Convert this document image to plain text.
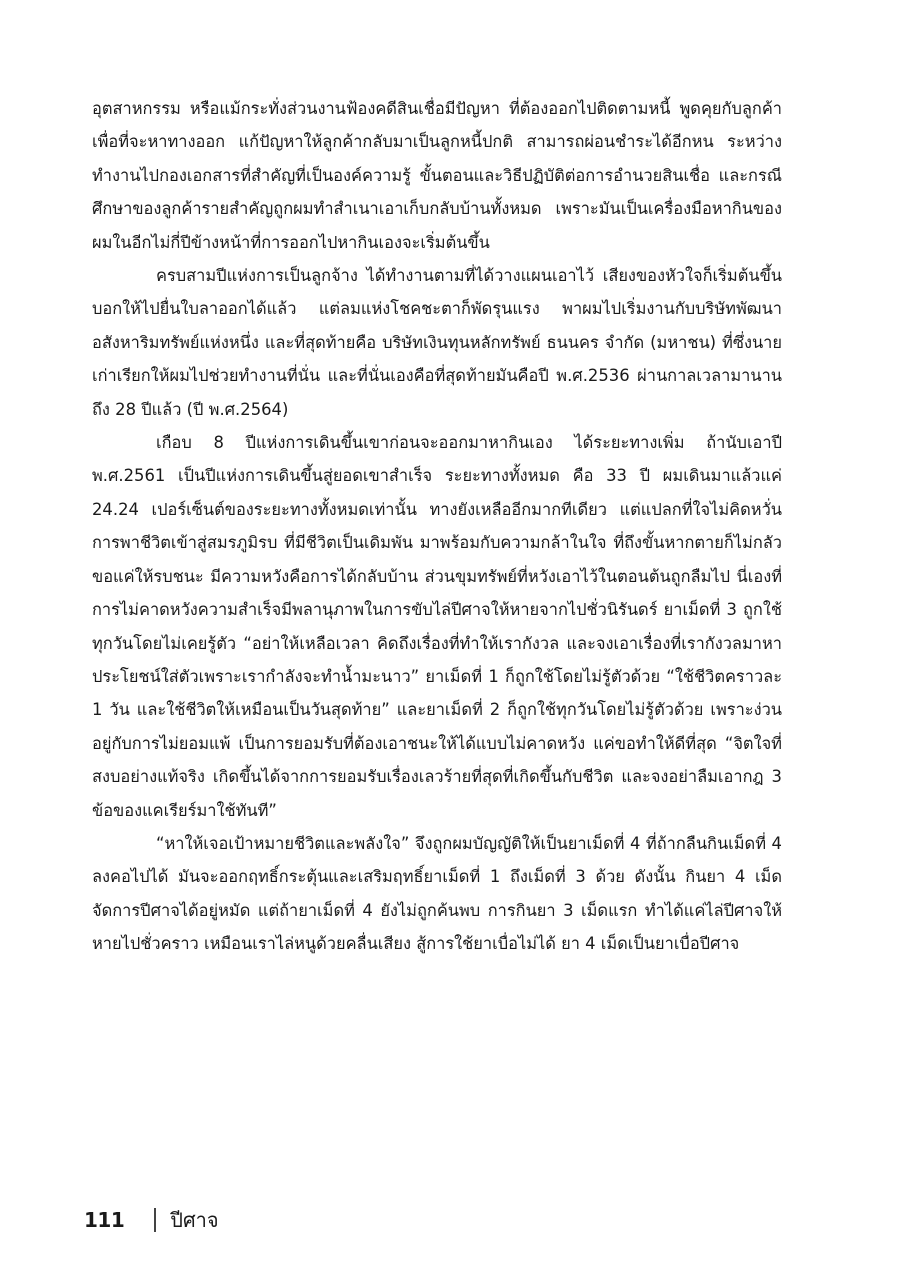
อุตสาหกรรม หรือแม้กระทั่งส่วนงานฟ้องคดีสินเชื่อมีปัญหา ที่ต้องออกไปติดตามหนี้ พูดคุยกับลูกค้าเพื่อที่จะหาทางออก แก้ปัญหาให้ลูกค้ากลับมาเป็นลูกหนี้ปกติ สามารถผ่อนชำระได้อีกหน ระหว่างทำงานไปกองเอกสารที่สำคัญที่เป็นองค์ความรู้ ขั้นตอนและวิธีปฏิบัติต่อการอำนวยสินเชื่อ และกรณีศึกษาของลูกค้ารายสำคัญถูกผมทำสำเนาเอาเก็บกลับบ้านทั้งหมด เพราะมันเป็นเครื่องมือหากินของผมในอีกไม่กี่ปีข้างหน้าที่การออกไปหากินเองจะเริ่มต้นขึ้น

ครบสามปีแห่งการเป็นลูกจ้าง ได้ทำงานตามที่ได้วางแผนเอาไว้ เสียงของหัวใจก็เริ่มต้นขึ้น บอกให้ไปยื่นใบลาออกได้แล้ว แต่ลมแห่งโชคชะตาก็พัดรุนแรง พาผมไปเริ่มงานกับบริษัทพัฒนาอสังหาริมทรัพย์แห่งหนึ่ง และที่สุดท้ายคือ บริษัทเงินทุนหลักทรัพย์ ธนนคร จำกัด (มหาชน) ที่ซึ่งนายเก่าเรียกให้ผมไปช่วยทำงานที่นั่น และที่นั่นเองคือที่สุดท้ายมันคือปี พ.ศ.2536 ผ่านกาลเวลามานานถึง 28 ปีแล้ว (ปี พ.ศ.2564)

เกือบ 8 ปีแห่งการเดินขึ้นเขาก่อนจะออกมาหากินเอง ได้ระยะทางเพิ่ม ถ้านับเอาปี พ.ศ.2561 เป็นปีแห่งการเดินขึ้นสู่ยอดเขาสำเร็จ ระยะทางทั้งหมด คือ 33 ปี ผมเดินมาแล้วแค่ 24.24 เปอร์เซ็นต์ของระยะทางทั้งหมดเท่านั้น ทางยังเหลืออีกมากทีเดียว แต่แปลกที่ใจไม่คิดหวั่นการพาชีวิตเข้าสู่สมรภูมิรบ ที่มีชีวิตเป็นเดิมพัน มาพร้อมกับความกล้าในใจ ที่ถึงขั้นหากตายก็ไม่กลัว ขอแค่ให้รบชนะ มีความหวังคือการได้กลับบ้าน ส่วนขุมทรัพย์ที่หวังเอาไว้ในตอนต้นถูกลืมไป นี่เองที่การไม่คาดหวังความสำเร็จมีพลานุภาพในการขับไล่ปีศาจให้หายจากไปชั่วนิรันดร์ ยาเม็ดที่ 3 ถูกใช้ทุกวันโดยไม่เคยรู้ตัว “อย่าให้เหลือเวลา คิดถึงเรื่องที่ทำให้เรากังวล และจงเอาเรื่องที่เรากังวลมาหาประโยชน์ใส่ตัวเพราะเรากำลังจะทำน้ำมะนาว” ยาเม็ดที่ 1 ก็ถูกใช้โดยไม่รู้ตัวด้วย “ใช้ชีวิตคราวละ 1 วัน และใช้ชีวิตให้เหมือนเป็นวันสุดท้าย” และยาเม็ดที่ 2 ก็ถูกใช้ทุกวันโดยไม่รู้ตัวด้วย เพราะง่วนอยู่กับการไม่ยอมแพ้ เป็นการยอมรับที่ต้องเอาชนะให้ได้แบบไม่คาดหวัง แค่ขอทำให้ดีที่สุด “จิตใจที่สงบอย่างแท้จริง เกิดขึ้นได้จากการยอมรับเรื่องเลวร้ายที่สุดที่เกิดขึ้นกับชีวิต และจงอย่าลืมเอากฎ 3 ข้อของแคเรียร์มาใช้ทันที”

“หาให้เจอเป้าหมายชีวิตและพลังใจ” จึงถูกผมบัญญัติให้เป็นยาเม็ดที่ 4 ที่ถ้ากลืนกินเม็ดที่ 4 ลงคอไปได้ มันจะออกฤทธิ์กระตุ้นและเสริมฤทธิ์ยาเม็ดที่ 1 ถึงเม็ดที่ 3 ด้วย ดังนั้น กินยา 4 เม็ด จัดการปีศาจได้อยู่หมัด แต่ถ้ายาเม็ดที่ 4 ยังไม่ถูกค้นพบ การกินยา 3 เม็ดแรก ทำได้แค่ไล่ปีศาจให้หายไปชั่วคราว เหมือนเราไล่หนูด้วยคลื่นเสียง สู้การใช้ยาเบื่อไม่ได้ ยา 4 เม็ดเป็นยาเบื่อปีศาจ

111 ปีศาจ
